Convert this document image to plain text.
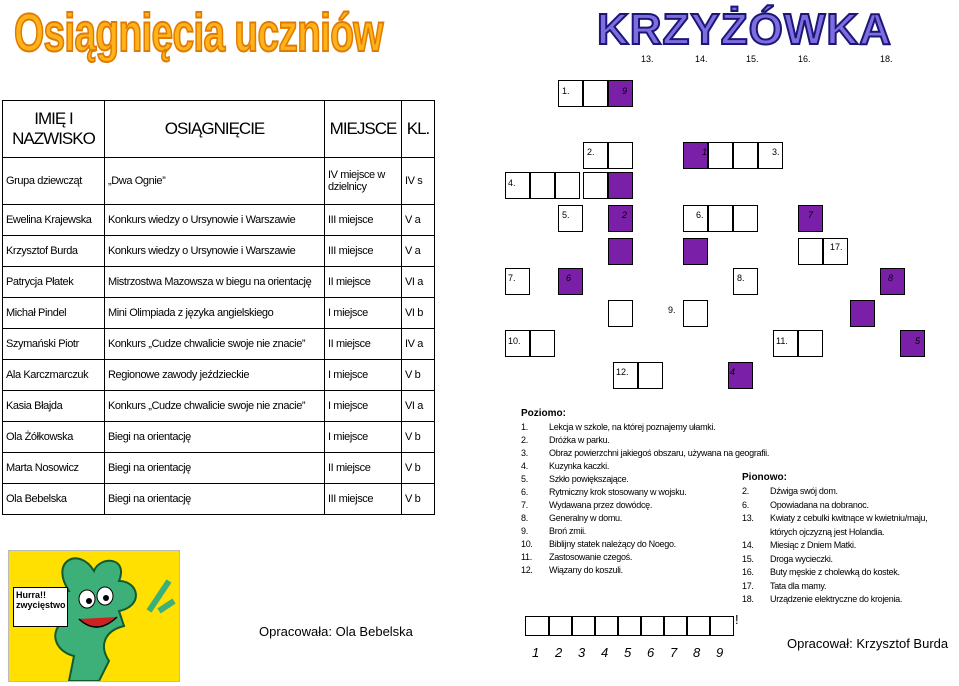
Osiągnięcia uczniów	KRZYŻÓWKA
IMIĘ I NAZWISKO	OSIĄGNIĘCIE	MIEJSCE	KL.
Grupa dziewcząt	„Dwa Ognie”	IV miejsce w dzielnicy	IV s
Ewelina Krajewska	Konkurs wiedzy o Ursynowie i Warszawie	III miejsce	V a
Krzysztof Burda	Konkurs wiedzy o Ursynowie i Warszawie	III miejsce	V a
Patrycja Płatek	Mistrzostwa Mazowsza w biegu na orientację	II miejsce	VI a
Michał Pindel	Mini Olimpiada z języka angielskiego	I miejsce	VI b
Szymański Piotr	Konkurs „Cudze chwalicie swoje nie znacie”	II miejsce	IV a
Ala Karczmarczuk	Regionowe zawody jeździeckie	I miejsce	V b
Kasia Błajda	Konkurs „Cudze chwalicie swoje nie znacie”	I miejsce	VI a
Ola Żółkowska	Biegi na orientację	I miejsce	V b
Marta Nosowicz	Biegi na orientację	II miejsce	V b
Ola Bebelska	Biegi na orientację	III miejsce	V b
Hurra!!
zwycięstwo
Opracowała: Ola Bebelska
13.	14.	15.	16.	18.
1.	9
2.	1	3.
4.
5.	2	6.	7
17.
7.	6	8.	8
9.
10.	11.	5
12.	4
Poziomo:
1. Lekcja w szkole, na której poznajemy ułamki.
2. Dróżka w parku.
3. Obraz powierzchni jakiegoś obszaru, używana na geografii.
4. Kuzynka kaczki.
5. Szkło powiększające.
6. Rytmiczny krok stosowany w wojsku.
7. Wydawana przez dowódcę.
8. Generalny w domu.
9. Broń zmii.
10. Biblijny statek należący do Noego.
11. Zastosowanie czegoś.
12. Wiązany do koszuli.
Pionowo:
2. Dźwiga swój dom.
6. Opowiadana na dobranoc.
13. Kwiaty z cebulki kwitnące w kwietniu/maju,
których ojczyzną jest Holandia.
14. Miesiąc z Dniem Matki.
15. Droga wycieczki.
16. Buty męskie z cholewką do kostek.
17. Tata dla mamy.
18. Urządzenie elektryczne do krojenia.
!
1 2 3 4 5 6 7 8 9
Opracował: Krzysztof Burda
